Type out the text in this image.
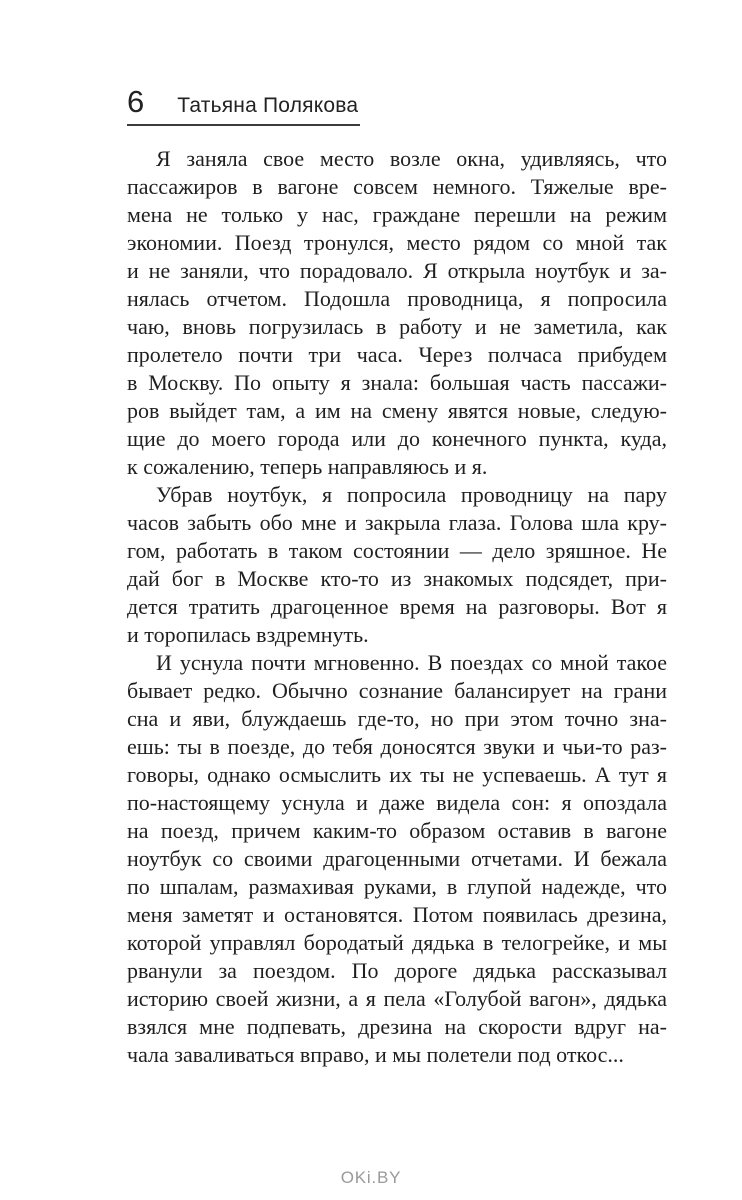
6 Татьяна Полякова
Я заняла свое место возле окна, удивляясь, что
пассажиров в вагоне совсем немного. Тяжелые вре-
мена не только у нас, граждане перешли на режим
экономии. Поезд тронулся, место рядом со мной так
и не заняли, что порадовало. Я открыла ноутбук и за-
нялась отчетом. Подошла проводница, я попросила
чаю, вновь погрузилась в работу и не заметила, как
пролетело почти три часа. Через полчаса прибудем
в Москву. По опыту я знала: большая часть пассажи-
ров выйдет там, а им на смену явятся новые, следую-
щие до моего города или до конечного пункта, куда,
к сожалению, теперь направляюсь и я.
Убрав ноутбук, я попросила проводницу на пару
часов забыть обо мне и закрыла глаза. Голова шла кру-
гом, работать в таком состоянии — дело зряшное. Не
дай бог в Москве кто-то из знакомых подсядет, при-
дется тратить драгоценное время на разговоры. Вот я
и торопилась вздремнуть.
И уснула почти мгновенно. В поездах со мной такое
бывает редко. Обычно сознание балансирует на грани
сна и яви, блуждаешь где-то, но при этом точно зна-
ешь: ты в поезде, до тебя доносятся звуки и чьи-то раз-
говоры, однако осмыслить их ты не успеваешь. А тут я
по-настоящему уснула и даже видела сон: я опоздала
на поезд, причем каким-то образом оставив в вагоне
ноутбук со своими драгоценными отчетами. И бежала
по шпалам, размахивая руками, в глупой надежде, что
меня заметят и остановятся. Потом появилась дрезина,
которой управлял бородатый дядька в телогрейке, и мы
рванули за поездом. По дороге дядька рассказывал
историю своей жизни, а я пела «Голубой вагон», дядька
взялся мне подпевать, дрезина на скорости вдруг на-
чала заваливаться вправо, и мы полетели под откос...
OKi.BY
